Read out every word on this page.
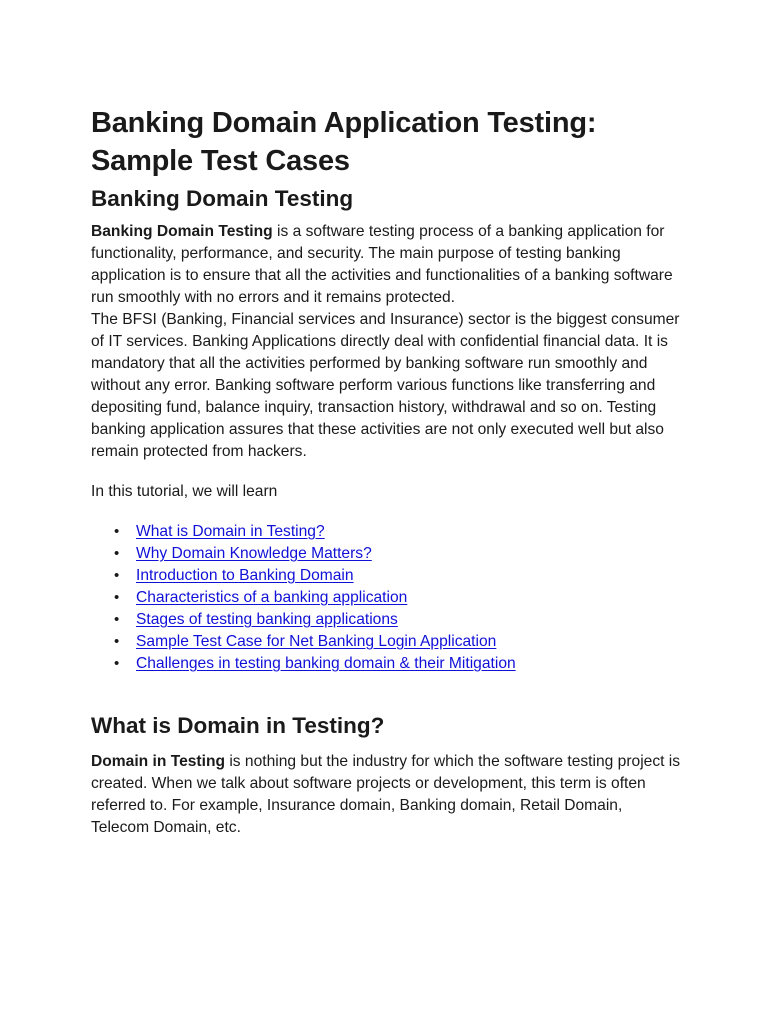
Banking Domain Application Testing: Sample Test Cases
Banking Domain Testing

Banking Domain Testing is a software testing process of a banking application for functionality, performance, and security. The main purpose of testing banking application is to ensure that all the activities and functionalities of a banking software run smoothly with no errors and it remains protected.

The BFSI (Banking, Financial services and Insurance) sector is the biggest consumer of IT services. Banking Applications directly deal with confidential financial data. It is mandatory that all the activities performed by banking software run smoothly and without any error. Banking software perform various functions like transferring and depositing fund, balance inquiry, transaction history, withdrawal and so on. Testing banking application assures that these activities are not only executed well but also remain protected from hackers.

In this tutorial, we will learn

• What is Domain in Testing?
• Why Domain Knowledge Matters?
• Introduction to Banking Domain
• Characteristics of a banking application
• Stages of testing banking applications
• Sample Test Case for Net Banking Login Application
• Challenges in testing banking domain & their Mitigation
What is Domain in Testing?

Domain in Testing is nothing but the industry for which the software testing project is created. When we talk about software projects or development, this term is often referred to. For example, Insurance domain, Banking domain, Retail Domain, Telecom Domain, etc.
